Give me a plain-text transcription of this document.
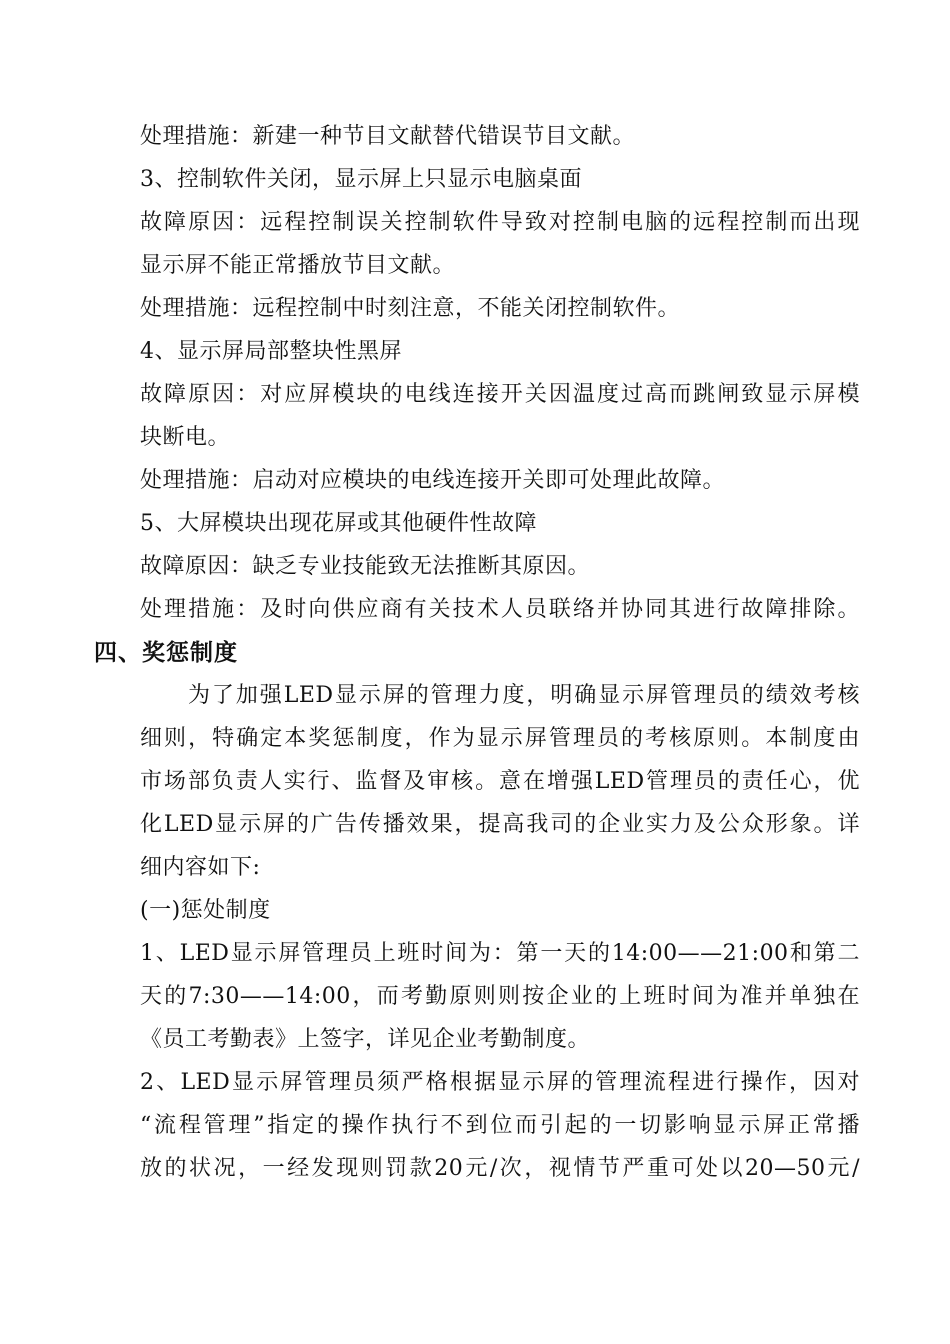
处理措施：新建一种节目文献替代错误节目文献。
3、控制软件关闭，显示屏上只显示电脑桌面
故障原因：远程控制误关控制软件导致对控制电脑的远程控制而出现
显示屏不能正常播放节目文献。
处理措施：远程控制中时刻注意，不能关闭控制软件。
4、显示屏局部整块性黑屏
故障原因：对应屏模块的电线连接开关因温度过高而跳闸致显示屏模
块断电。
处理措施：启动对应模块的电线连接开关即可处理此故障。
5、大屏模块出现花屏或其他硬件性故障
故障原因：缺乏专业技能致无法推断其原因。
处理措施：及时向供应商有关技术人员联络并协同其进行故障排除。
四、奖惩制度
为了加强LED显示屏的管理力度，明确显示屏管理员的绩效考核
细则，特确定本奖惩制度，作为显示屏管理员的考核原则。本制度由
市场部负责人实行、监督及审核。意在增强LED管理员的责任心，优
化LED显示屏的广告传播效果，提高我司的企业实力及公众形象。详
细内容如下:
(一)惩处制度
1、LED显示屏管理员上班时间为：第一天的14:00——21:00和第二
天的7:30——14:00，而考勤原则则按企业的上班时间为准并单独在
《员工考勤表》上签字，详见企业考勤制度。
2、LED显示屏管理员须严格根据显示屏的管理流程进行操作，因对
“流程管理”指定的操作执行不到位而引起的一切影响显示屏正常播
放的状况，一经发现则罚款20元/次，视情节严重可处以20—50元/
